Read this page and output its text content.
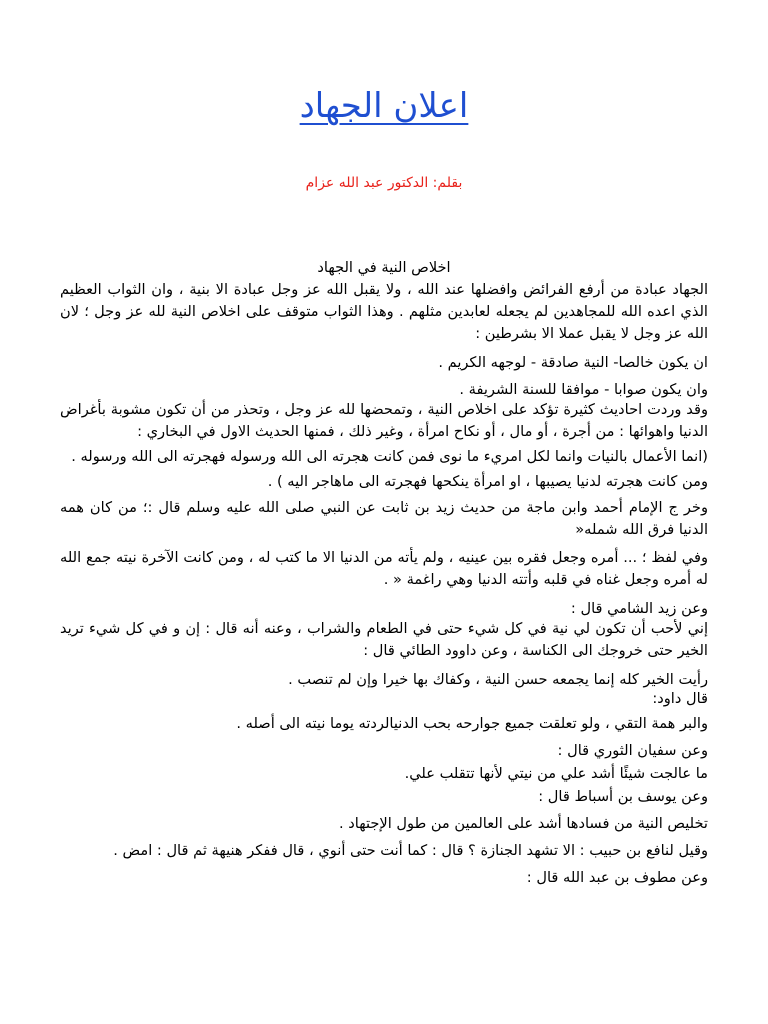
اعلان الجهاد
بقلم: الدكتور عبد الله عزام
اخلاص النية في الجهاد

الجهاد عبادة من أرفع الفرائض وافضلها عند الله ، ولا يقبل الله عز وجل عبادة الا بنية ، وان الثواب العظيم الذي اعده الله للمجاهدين لم يجعله لعابدين مثلهم . وهذا الثواب متوقف على اخلاص النية لله عز وجل ؛ لان الله عز وجل لا يقبل عملا الا بشرطين :

ان يكون خالصا- النية صادقة - لوجهه الكريم .

وان يكون صوابا - موافقا للسنة الشريفة .

وقد وردت احاديث كثيرة تؤكد على اخلاص النية ، وتمحضها لله عز وجل ، وتحذر من أن تكون مشوبة بأغراض الدنيا واهوائها : من أجرة ، أو مال ، أو نكاح امرأة ، وغير ذلك ، فمنها الحديث الاول في البخاري :

(انما الأعمال بالنيات وانما لكل امريء ما نوى فمن كانت هجرته الى الله ورسوله فهجرته الى الله ورسوله .

ومن كانت هجرته لدنيا يصيبها ، او امرأة ينكحها فهجرته الى ماهاجر اليه ) .

وخر ج الإمام أحمد وابن ماجة من حديث زيد بن ثابت عن النبي صلى الله عليه وسلم قال :؛ من كان همه الدنيا فرق الله شمله«

وفي لفظ ؛ ... أمره وجعل فقره بين عينيه ، ولم يأته من الدنيا الا ما كتب له ، ومن كانت الآخرة نيته جمع الله له أمره وجعل غناه في قلبه وأتته الدنيا وهي راغمة « .

وعن زيد الشامي قال :

إني لأحب أن تكون لي نية في كل شيء حتى في الطعام والشراب ، وعنه أنه قال : إن و في كل شيء تريد الخير حتى خروجك الى الكناسة ، وعن داوود الطائي قال :

رأيت الخير كله إنما يجمعه حسن النية ، وكفاك بها خيرا وإن لم تنصب .

قال داود:

والبر همة التقي ، ولو تعلقت جميع جوارحه بحب الدنيالردته يوما نيته الى أصله .

وعن سفيان الثوري قال :

ما عالجت شيئًا أشد علي من نيتي لأنها تتقلب علي.

وعن يوسف بن أسباط قال :

تخليص النية من فسادها أشد على العالمين من طول الإجتهاد .

وقيل لنافع بن حبيب : الا تشهد الجنازة ؟ قال : كما أنت حتى أنوي ، قال ففكر هنيهة ثم قال : امض .

وعن مطوف بن عبد الله قال :
